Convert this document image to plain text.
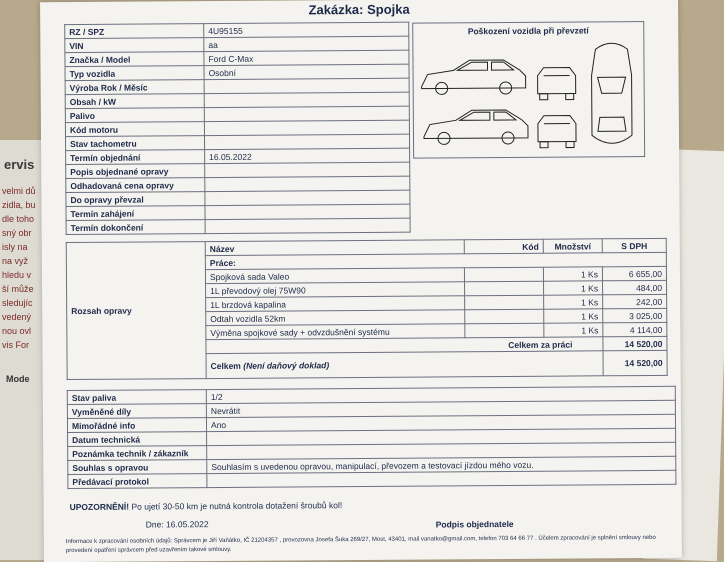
ervis
velmi dů
zidla, bu
dle toho
sný obr
isly na
na vyž
hledu v
ší může
sledujíc
vedený
nou ovl
vis For
Mode
Zakázka: Spojka
RZ / SPZ	4U95155
VIN	aa
Značka / Model	Ford C-Max
Typ vozidla	Osobní
Výroba Rok / Měsíc	
Obsah / kW	
Palivo	
Kód motoru	
Stav tachometru	
Termín objednání	16.05.2022
Popis objednané opravy	
Odhadovaná cena opravy	
Do opravy převzal	
Termín zahájení	
Termín dokončení	
Poškození vozidla při převzetí
Rozsah opravy	Název	Kód	Množství	S DPH
	Práce:			
	Spojková sada Valeo		1 Ks	6 655,00
	1L převodový olej 75W90		1 Ks	484,00
	1L brzdová kapalina		1 Ks	242,00
	Odtah vozidla 52km		1 Ks	3 025,00
	Výměna spojkové sady + odvzdušnění systému		1 Ks	4 114,00
	Celkem za práci			14 520,00
	Celkem (Není daňový doklad)			14 520,00
Stav paliva	1/2
Vyměněné díly	Nevrátit
Mimořádné info	Ano
Datum technická	
Poznámka technik / zákazník	
Souhlas s opravou	Souhlasím s uvedenou opravou, manipulací, převozem a testovací jízdou mého vozu.
Předávací protokol	
UPOZORNĚNÍ! Po ujetí 30-50 km je nutná kontrola dotažení šroubů kol!
Dne: 16.05.2022	Podpis objednatele
Informace k zpracování osobních údajů: Správcem je Jiří Vaňátko, IČ 21204357 , provozovna Josefa Šuka 269/27, Most, 43401, mail vanatko@gmail.com, telefon 703 64 66 77 . Účelem zpracování je splnění smlouvy nebo provedení opatření správcem před uzavřením takové smlouvy.
